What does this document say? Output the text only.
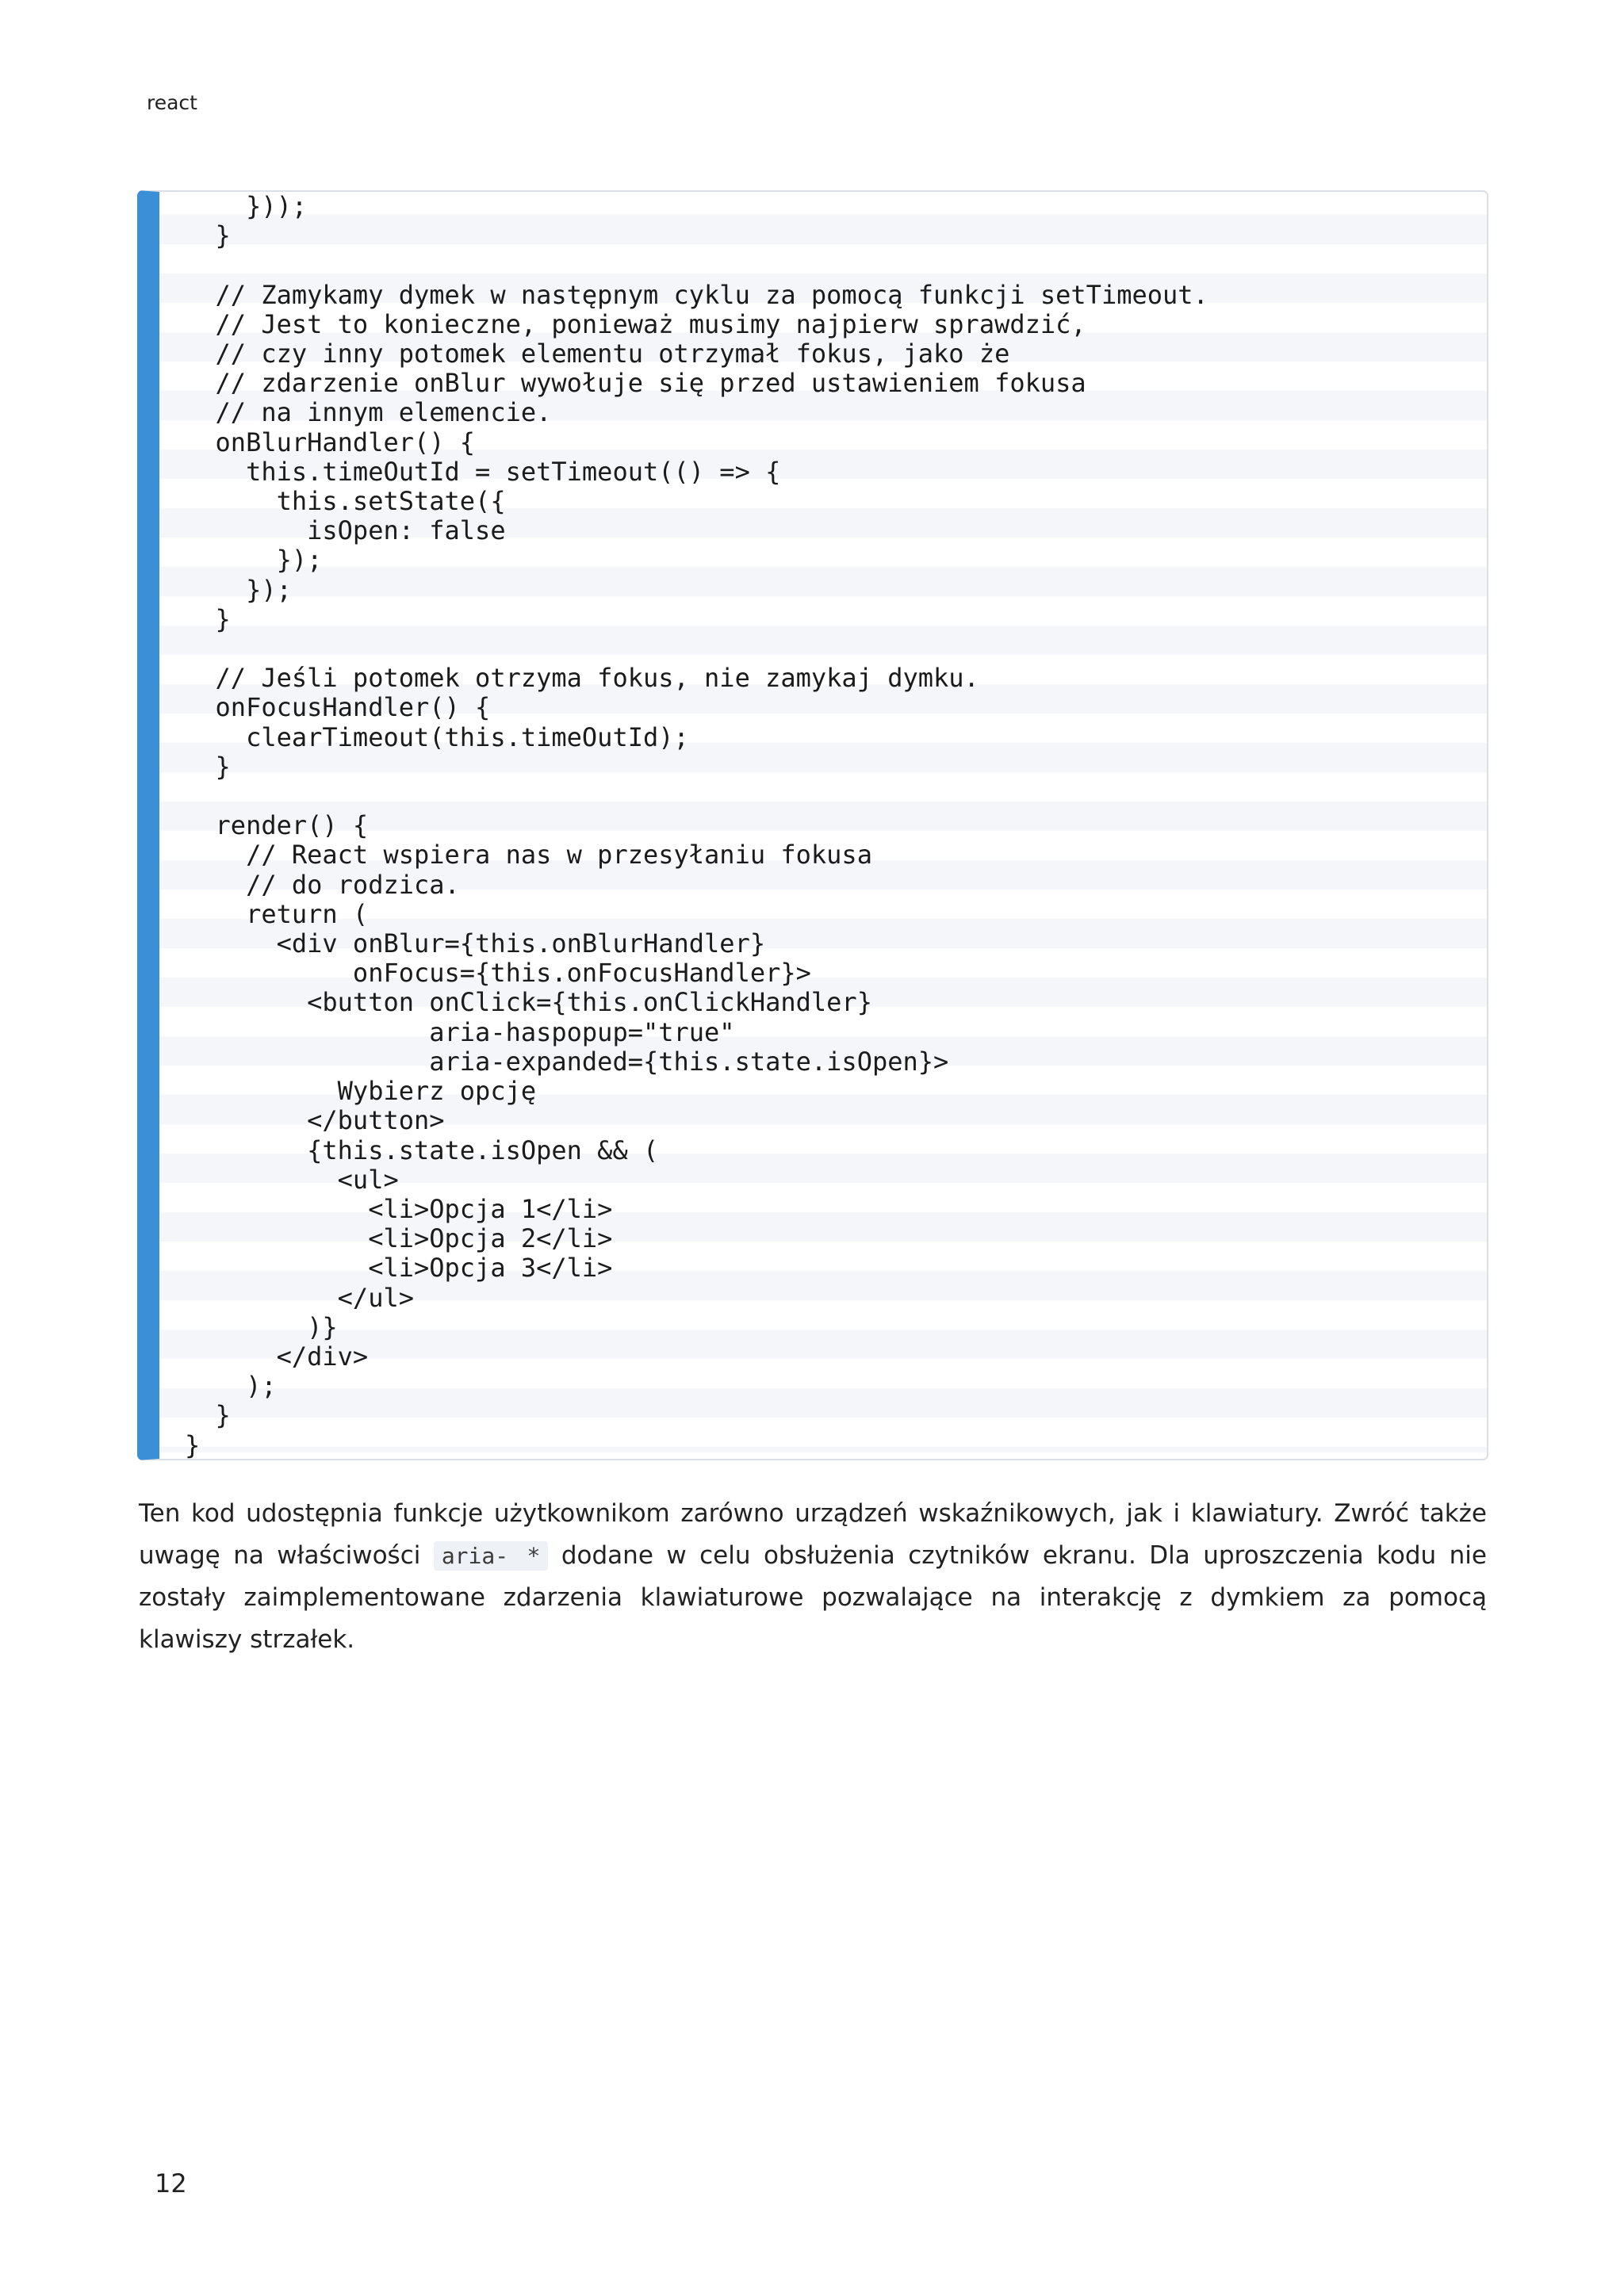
react
}));
}

// Zamykamy dymek w następnym cyklu za pomocą funkcji setTimeout.
// Jest to konieczne, ponieważ musimy najpierw sprawdzić,
// czy inny potomek elementu otrzymał fokus, jako że
// zdarzenie onBlur wywołuje się przed ustawieniem fokusa
// na innym elemencie.
onBlurHandler() {
this.timeOutId = setTimeout(() => {
this.setState({
isOpen: false
});
});
}

// Jeśli potomek otrzyma fokus, nie zamykaj dymku.
onFocusHandler() {
clearTimeout(this.timeOutId);
}

render() {
// React wspiera nas w przesyłaniu fokusa
// do rodzica.
return (
<div onBlur={this.onBlurHandler}
onFocus={this.onFocusHandler}>
<button onClick={this.onClickHandler}
aria-haspopup="true"
aria-expanded={this.state.isOpen}>
Wybierz opcję
</button>
{this.state.isOpen && (
<ul>
<li>Opcja 1</li>
<li>Opcja 2</li>
<li>Opcja 3</li>
</ul>
)}
</div>
);
}
}

Ten kod udostępnia funkcje użytkownikom zarówno urządzeń wskaźnikowych, jak i klawiatury. Zwróć także uwagę na właściwości aria- * dodane w celu obsłużenia czytników ekranu. Dla uproszczenia kodu nie zostały zaimplementowane zdarzenia klawiaturowe pozwalające na interakcję z dymkiem za pomocą klawiszy strzałek.

12
